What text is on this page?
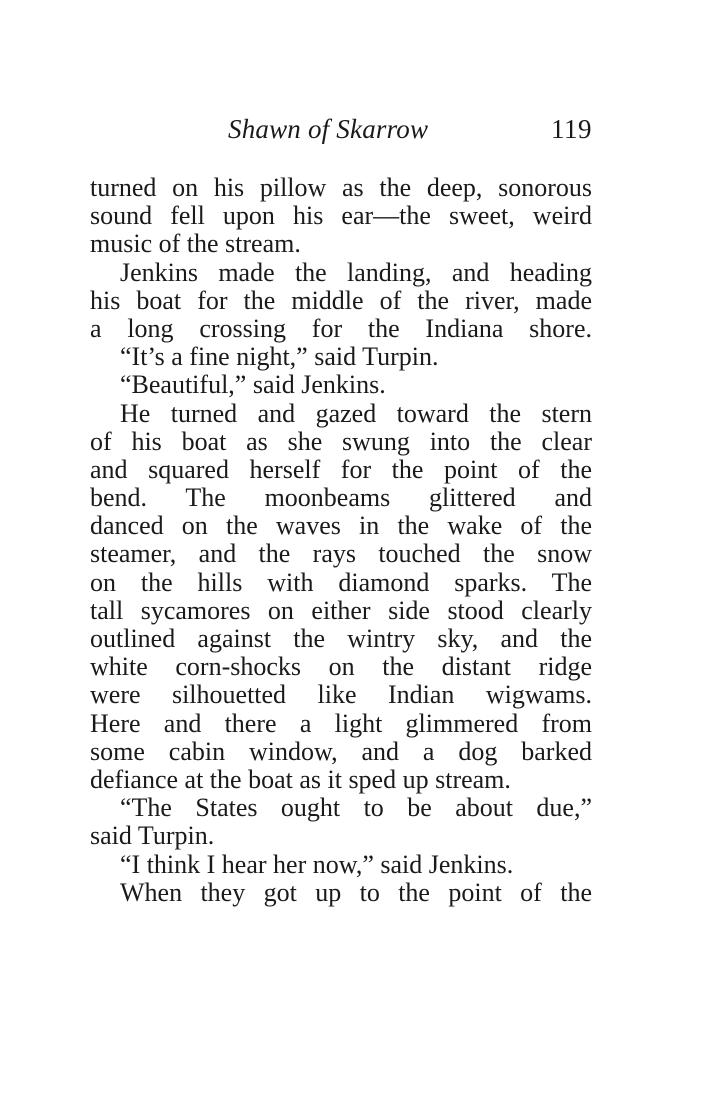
Shawn of Skarrow	119
turned on his pillow as the deep, sonorous
sound fell upon his ear—the sweet, weird
music of the stream.
Jenkins made the landing, and heading
his boat for the middle of the river, made
a long crossing for the Indiana shore.
“It’s a fine night,” said Turpin.
“Beautiful,” said Jenkins.
He turned and gazed toward the stern
of his boat as she swung into the clear
and squared herself for the point of the
bend. The moonbeams glittered and
danced on the waves in the wake of the
steamer, and the rays touched the snow
on the hills with diamond sparks. The
tall sycamores on either side stood clearly
outlined against the wintry sky, and the
white corn-shocks on the distant ridge
were silhouetted like Indian wigwams.
Here and there a light glimmered from
some cabin window, and a dog barked
defiance at the boat as it sped up stream.
“The States ought to be about due,”
said Turpin.
“I think I hear her now,” said Jenkins.
When they got up to the point of the
